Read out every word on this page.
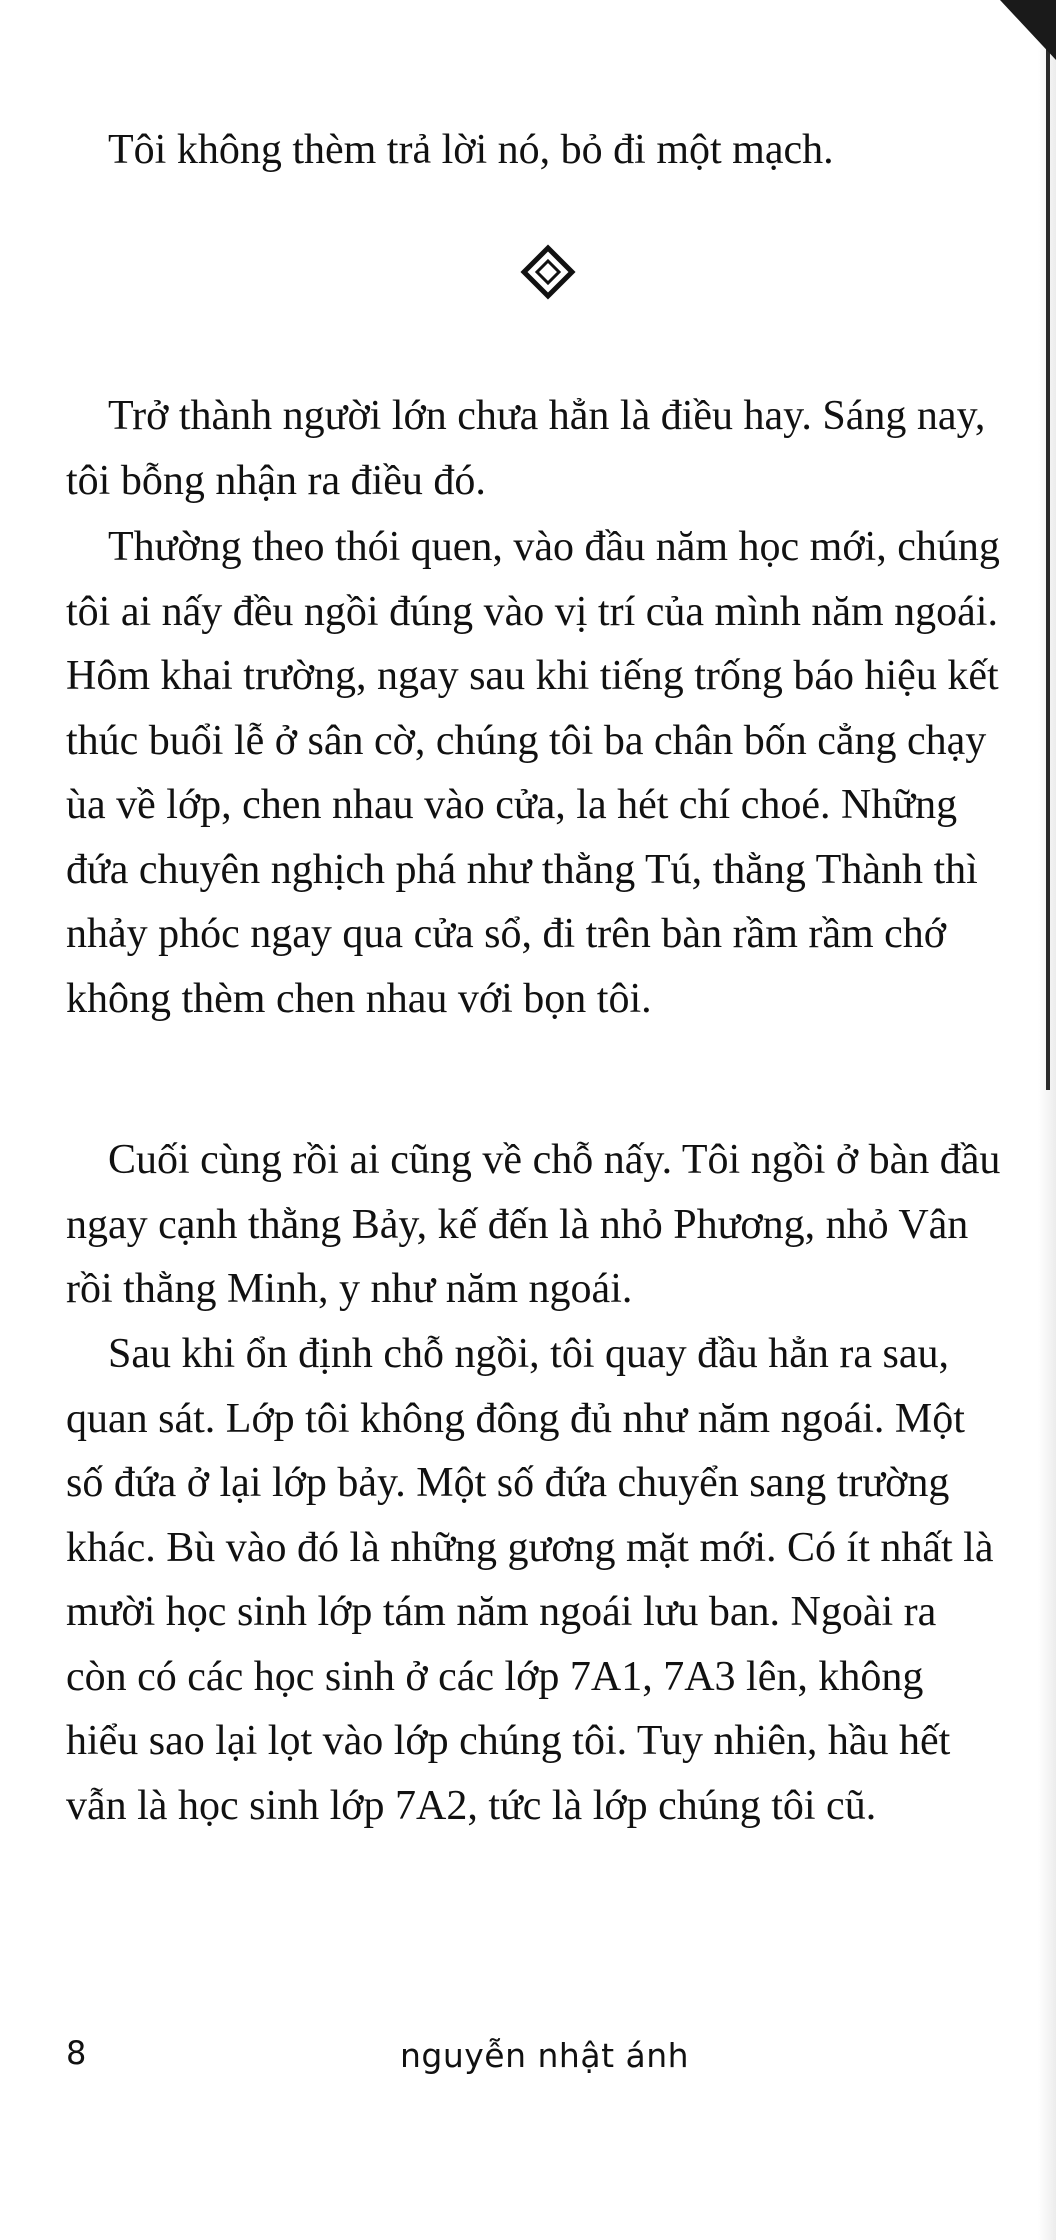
Tôi không thèm trả lời nó, bỏ đi một mạch.

Trở thành người lớn chưa hẳn là điều hay. Sáng nay, tôi bỗng nhận ra điều đó.

Thường theo thói quen, vào đầu năm học mới, chúng tôi ai nấy đều ngồi đúng vào vị trí của mình năm ngoái. Hôm khai trường, ngay sau khi tiếng trống báo hiệu kết thúc buổi lễ ở sân cờ, chúng tôi ba chân bốn cẳng chạy ùa về lớp, chen nhau vào cửa, la hét chí choé. Những đứa chuyên nghịch phá như thằng Tú, thằng Thành thì nhảy phóc ngay qua cửa sổ, đi trên bàn rầm rầm chớ không thèm chen nhau với bọn tôi.

Cuối cùng rồi ai cũng về chỗ nấy. Tôi ngồi ở bàn đầu ngay cạnh thằng Bảy, kế đến là nhỏ Phương, nhỏ Vân rồi thằng Minh, y như năm ngoái.

Sau khi ổn định chỗ ngồi, tôi quay đầu hẳn ra sau, quan sát. Lớp tôi không đông đủ như năm ngoái. Một số đứa ở lại lớp bảy. Một số đứa chuyển sang trường khác. Bù vào đó là những gương mặt mới. Có ít nhất là mười học sinh lớp tám năm ngoái lưu ban. Ngoài ra còn có các học sinh ở các lớp 7A1, 7A3 lên, không hiểu sao lại lọt vào lớp chúng tôi. Tuy nhiên, hầu hết vẫn là học sinh lớp 7A2, tức là lớp chúng tôi cũ.

8	nguyễn nhật ánh
